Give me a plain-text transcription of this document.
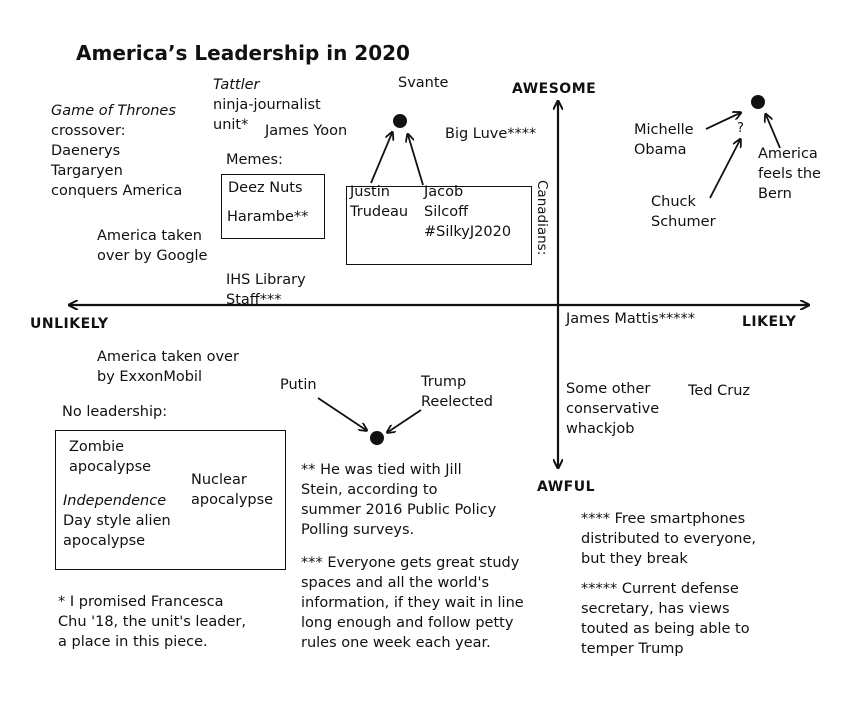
America’s Leadership in 2020
AWESOME
AWFUL
UNLIKELY	LIKELY
Game of Thrones
crossover:
Daenerys
Targaryen
conquers America
Tattler
ninja-journalist
unit*	James Yoon
Svante
Big Luve****
Memes:
Deez Nuts
Harambe**
Justin
Trudeau
Jacob
Silcoff
#SilkyJ2020 Canadians:
America taken
over by Google
IHS Library
Staff***
Michelle
Obama
?
America
feels the
Bern
Chuck
Schumer
James Mattis*****
America taken over
by ExxonMobil	Putin	Trump
Reelected
No leadership:
Zombie
apocalypse
Nuclear
apocalypse
Independence
Day style alien
apocalypse
Some other
conservative
whackjob
Ted Cruz
* I promised Francesca
Chu '18, the unit's leader,
a place in this piece.
** He was tied with Jill
Stein, according to
summer 2016 Public Policy
Polling surveys.
*** Everyone gets great study
spaces and all the world's
information, if they wait in line
long enough and follow petty
rules one week each year.
**** Free smartphones
distributed to everyone,
but they break
***** Current defense
secretary, has views
touted as being able to
temper Trump
